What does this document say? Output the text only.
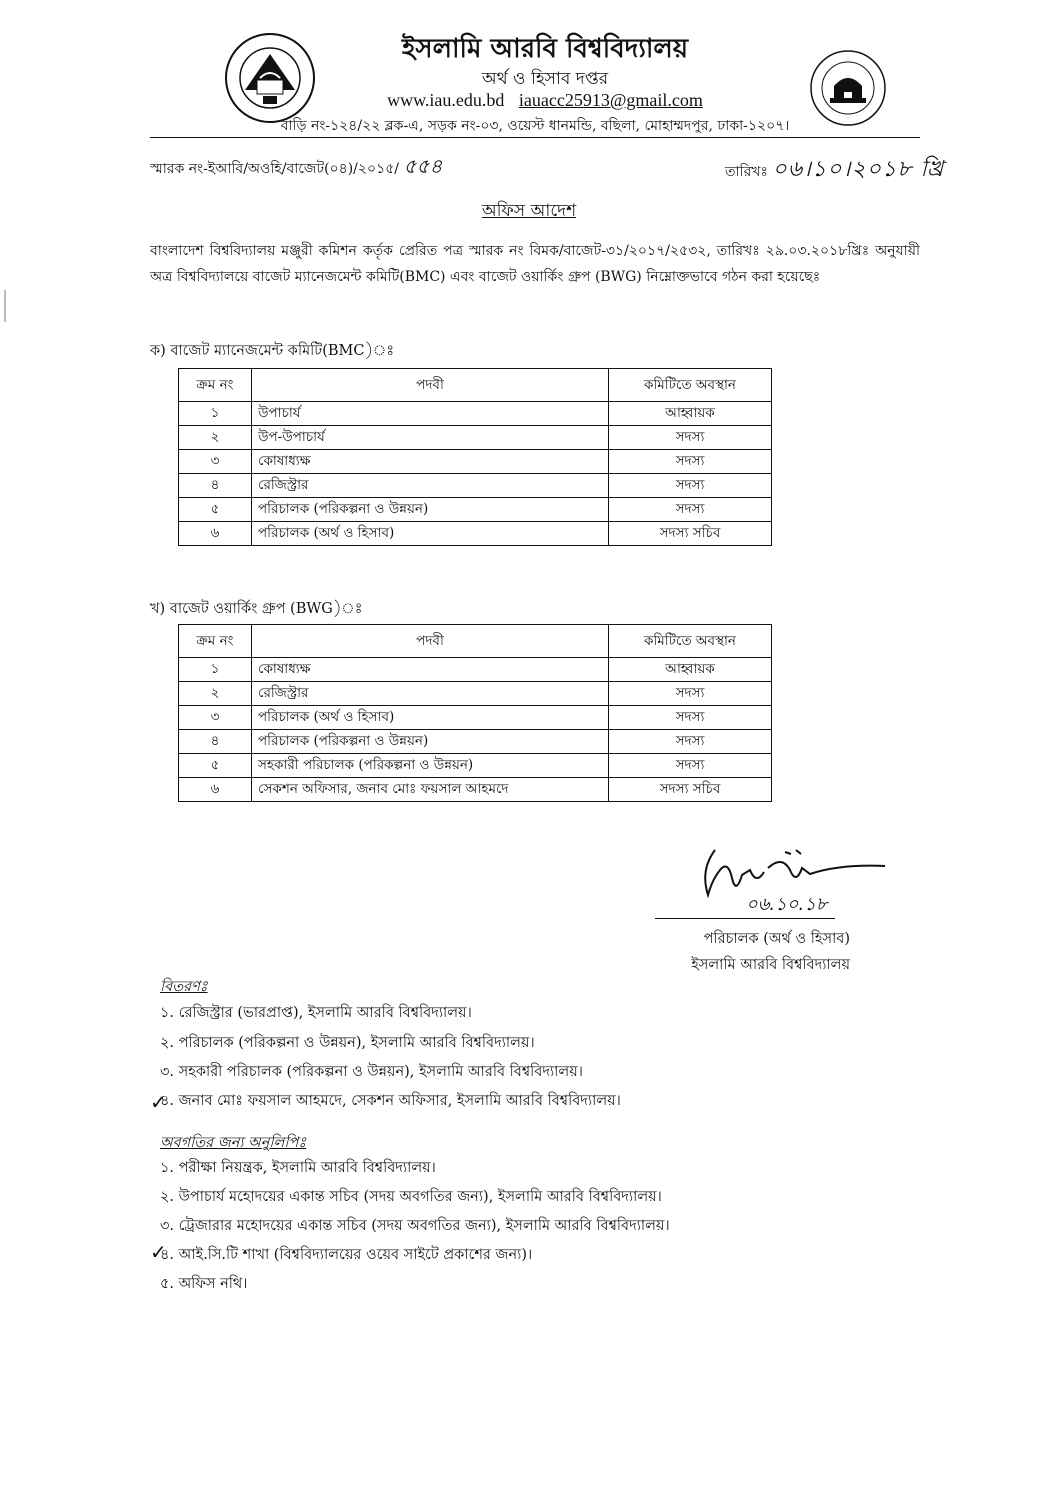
ইসলামি আরবি বিশ্ববিদ্যালয়
অর্থ ও হিসাব দপ্তর
www.iau.edu.bd iauacc25913@gmail.com
বাড়ি নং-১২৪/২২ ব্লক-এ, সড়ক নং-০৩, ওয়েস্ট ধানমন্ডি, বছিলা, মোহাম্মদপুর, ঢাকা-১২০৭।
স্মারক নং-ইআবি/অওহি/বাজেট(০৪)/২০১৫/ ৫৫৪	তারিখঃ ০৬।১০।২০১৮ খ্রি
অফিস আদেশ
বাংলাদেশ বিশ্ববিদ্যালয় মঞ্জুরী কমিশন কর্তৃক প্রেরিত পত্র স্মারক নং বিমক/বাজেট-৩১/২০১৭/২৫৩২, তারিখঃ ২৯.০৩.২০১৮খ্রিঃ অনুযায়ী অত্র বিশ্ববিদ্যালয়ে বাজেট ম্যানেজমেন্ট কমিটি(BMC) এবং বাজেট ওয়ার্কিং গ্রুপ (BWG) নিম্নোক্তভাবে গঠন করা হয়েছেঃ
ক) বাজেট ম্যানেজমেন্ট কমিটি(BMC)ঃ
ক্রম নং	পদবী	কমিটিতে অবস্থান
১	উপাচার্য	আহ্বায়ক
২	উপ-উপাচার্য	সদস্য
৩	কোষাধ্যক্ষ	সদস্য
৪	রেজিস্ট্রার	সদস্য
৫	পরিচালক (পরিকল্পনা ও উন্নয়ন)	সদস্য
৬	পরিচালক (অর্থ ও হিসাব)	সদস্য সচিব
খ) বাজেট ওয়ার্কিং গ্রুপ (BWG)ঃ
ক্রম নং	পদবী	কমিটিতে অবস্থান
১	কোষাধ্যক্ষ	আহ্বায়ক
২	রেজিস্ট্রার	সদস্য
৩	পরিচালক (অর্থ ও হিসাব)	সদস্য
৪	পরিচালক (পরিকল্পনা ও উন্নয়ন)	সদস্য
৫	সহকারী পরিচালক (পরিকল্পনা ও উন্নয়ন)	সদস্য
৬	সেকশন অফিসার, জনাব মোঃ ফয়সাল আহমদে	সদস্য সচিব
০৬.১০.১৮
পরিচালক (অর্থ ও হিসাব)
ইসলামি আরবি বিশ্ববিদ্যালয়
বিতরণঃ
১. রেজিস্ট্রার (ভারপ্রাপ্ত), ইসলামি আরবি বিশ্ববিদ্যালয়।
২. পরিচালক (পরিকল্পনা ও উন্নয়ন), ইসলামি আরবি বিশ্ববিদ্যালয়।
৩. সহকারী পরিচালক (পরিকল্পনা ও উন্নয়ন), ইসলামি আরবি বিশ্ববিদ্যালয়।
৪. জনাব মোঃ ফয়সাল আহমদে, সেকশন অফিসার, ইসলামি আরবি বিশ্ববিদ্যালয়।
✓
অবগতির জন্য অনুলিপিঃ
১. পরীক্ষা নিয়ন্ত্রক, ইসলামি আরবি বিশ্ববিদ্যালয়।
২. উপাচার্য মহোদয়ের একান্ত সচিব (সদয় অবগতির জন্য), ইসলামি আরবি বিশ্ববিদ্যালয়।
৩. ট্রেজারার মহোদয়ের একান্ত সচিব (সদয় অবগতির জন্য), ইসলামি আরবি বিশ্ববিদ্যালয়।
৪. আই.সি.টি শাখা (বিশ্ববিদ্যালয়ের ওয়েব সাইটে প্রকাশের জন্য)।
✓
৫. অফিস নথি।
